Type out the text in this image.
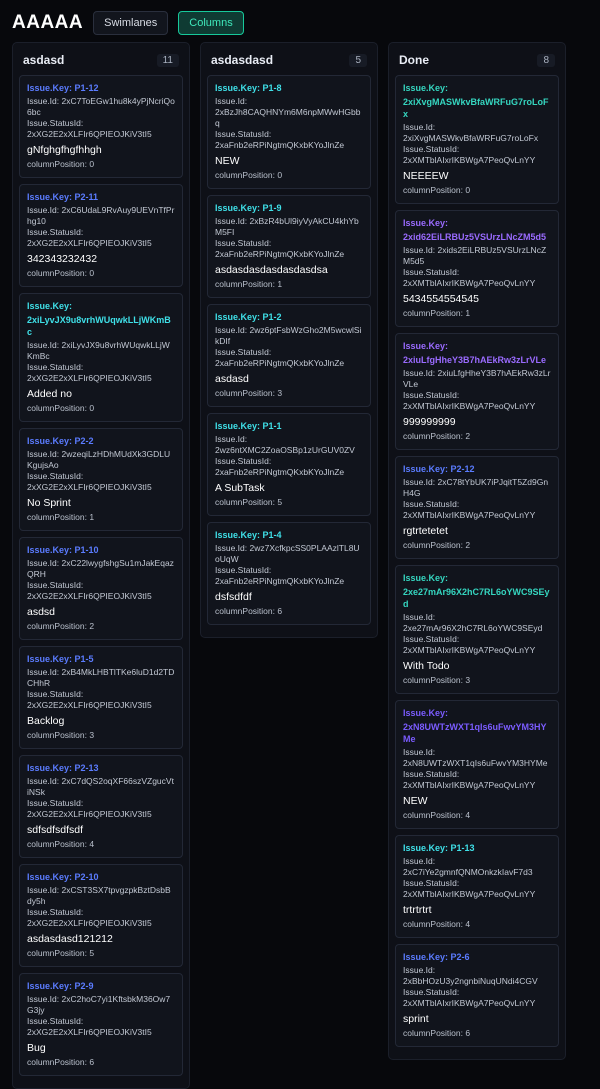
AAAAA	Swimlanes	Columns
asdasd	11
Issue.Key: P1-12
Issue.Id: 2xC7ToEGw1hu8k4yPjNcriQo6bc
Issue.StatusId:
2xXG2E2xXLFIr6QPIEOJKiV3tI5
gNfghgfhgfhhgh
columnPosition: 0
Issue.Key: P2-11
Issue.Id: 2xC6UdaL9RvAuy9UEVnTfPrhg10
Issue.StatusId:
2xXG2E2xXLFIr6QPIEOJKiV3tI5
342343232432
columnPosition: 0
Issue.Key:
2xiLyvJX9u8vrhWUqwkLLjWKmBc
Issue.Id: 2xiLyvJX9u8vrhWUqwkLLjWKmBc
Issue.StatusId:
2xXG2E2xXLFIr6QPIEOJKiV3tI5
Added no
columnPosition: 0
Issue.Key: P2-2
Issue.Id: 2wzeqiLzHDhMUdXk3GDLUKgujsAo
Issue.StatusId:
2xXG2E2xXLFIr6QPIEOJKiV3tI5
No Sprint
columnPosition: 1
Issue.Key: P1-10
Issue.Id: 2xC22lwygfshgSu1mJakEqazQRH
Issue.StatusId:
2xXG2E2xXLFIr6QPIEOJKiV3tI5
asdsd
columnPosition: 2
Issue.Key: P1-5
Issue.Id: 2xB4MkLHBTlTKe6luD1d2TDCHhR
Issue.StatusId:
2xXG2E2xXLFIr6QPIEOJKiV3tI5
Backlog
columnPosition: 3
Issue.Key: P2-13
Issue.Id: 2xC7dQS2oqXF66szVZgucVtiNSk
Issue.StatusId:
2xXG2E2xXLFIr6QPIEOJKiV3tI5
sdfsdfsdfsdf
columnPosition: 4
Issue.Key: P2-10
Issue.Id: 2xCST3SX7tpvgzpkBztDsbBdy5h
Issue.StatusId:
2xXG2E2xXLFIr6QPIEOJKiV3tI5
asdasdasd121212
columnPosition: 5
Issue.Key: P2-9
Issue.Id: 2xC2hoC7yi1KftsbkM36Ow7G3jy
Issue.StatusId:
2xXG2E2xXLFIr6QPIEOJKiV3tI5
Bug
columnPosition: 6
asdasdasd	5
Issue.Key: P1-8
Issue.Id:
2xBzJh8CAQHNYm6M6npMWwHGbbq
Issue.StatusId:
2xaFnb2eRPiNgtmQKxbKYoJlnZe
NEW
columnPosition: 0
Issue.Key: P1-9
Issue.Id: 2xBzR4bUl9iyVyAkCU4khYbM5FI
Issue.StatusId:
2xaFnb2eRPiNgtmQKxbKYoJlnZe
asdasdasdasdasdasdsa
columnPosition: 1
Issue.Key: P1-2
Issue.Id: 2wz6ptFsbWzGho2M5wcwlSikDIf
Issue.StatusId:
2xaFnb2eRPiNgtmQKxbKYoJlnZe
asdasd
columnPosition: 3
Issue.Key: P1-1
Issue.Id:
2wz6ntXMC2ZoaOSBp1zUrGUV0ZV
Issue.StatusId:
2xaFnb2eRPiNgtmQKxbKYoJlnZe
A SubTask
columnPosition: 5
Issue.Key: P1-4
Issue.Id: 2wz7XcfkpcSS0PLAAzlTL8UoUqW
Issue.StatusId:
2xaFnb2eRPiNgtmQKxbKYoJlnZe
dsfsdfdf
columnPosition: 6
Done	8
Issue.Key:
2xiXvgMASWkvBfaWRFuG7roLoFx
Issue.Id:
2xiXvgMASWkvBfaWRFuG7roLoFx
Issue.StatusId:
2xXMTblAIxrIKBWgA7PeoQvLnYY
NEEEEW
columnPosition: 0
Issue.Key:
2xid62EiLRBUz5VSUrzLNcZM5d5
Issue.Id: 2xids2EiLRBUz5VSUrzLNcZM5d5
Issue.StatusId:
2xXMTblAIxrIKBWgA7PeoQvLnYY
5434554554545
columnPosition: 1
Issue.Key:
2xiuLfgHheY3B7hAEkRw3zLrVLe
Issue.Id: 2xiuLfgHheY3B7hAEkRw3zLrVLe
Issue.StatusId:
2xXMTblAIxrIKBWgA7PeoQvLnYY
999999999
columnPosition: 2
Issue.Key: P2-12
Issue.Id: 2xC78tYbUK7iPJqitT5Zd9GnH4G
Issue.StatusId:
2xXMTblAIxrIKBWgA7PeoQvLnYY
rgtrtetetet
columnPosition: 2
Issue.Key:
2xe27mAr96X2hC7RL6oYWC9SEyd
Issue.Id:
2xe27mAr96X2hC7RL6oYWC9SEyd
Issue.StatusId:
2xXMTblAIxrIKBWgA7PeoQvLnYY
With Todo
columnPosition: 3
Issue.Key:
2xN8UWTzWXT1qIs6uFwvYM3HYMe
Issue.Id:
2xN8UWTzWXT1qIs6uFwvYM3HYMe
Issue.StatusId:
2xXMTblAIxrIKBWgA7PeoQvLnYY
NEW
columnPosition: 4
Issue.Key: P1-13
Issue.Id:
2xC7iYe2gmnfQNMOnkzkIavF7d3
Issue.StatusId:
2xXMTblAIxrIKBWgA7PeoQvLnYY
trtrtrtrt
columnPosition: 4
Issue.Key: P2-6
Issue.Id:
2xBbHOzU3y2ngnbiNuqUNdi4CGV
Issue.StatusId:
2xXMTblAIxrIKBWgA7PeoQvLnYY
sprint
columnPosition: 6
